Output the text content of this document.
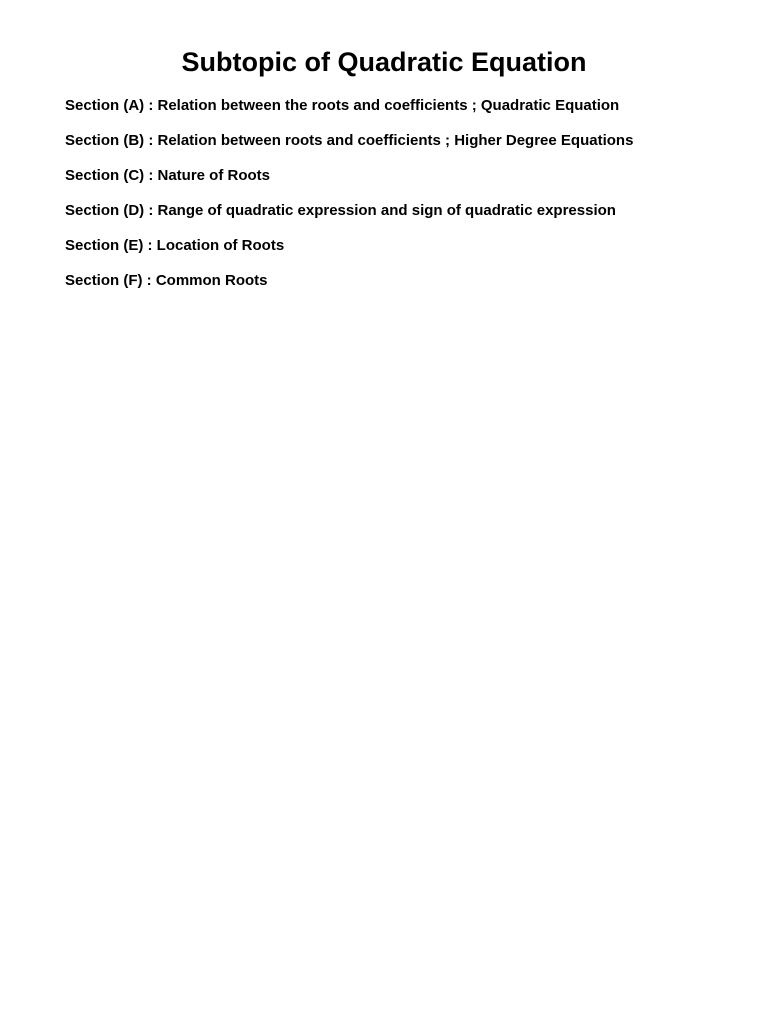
Subtopic of Quadratic Equation
Section (A) : Relation between the roots and coefficients ; Quadratic Equation
Section (B) : Relation between roots and coefficients ; Higher Degree Equations
Section (C) : Nature of Roots
Section (D) : Range of quadratic expression and sign of quadratic expression
Section (E) : Location of Roots
Section (F) : Common Roots
